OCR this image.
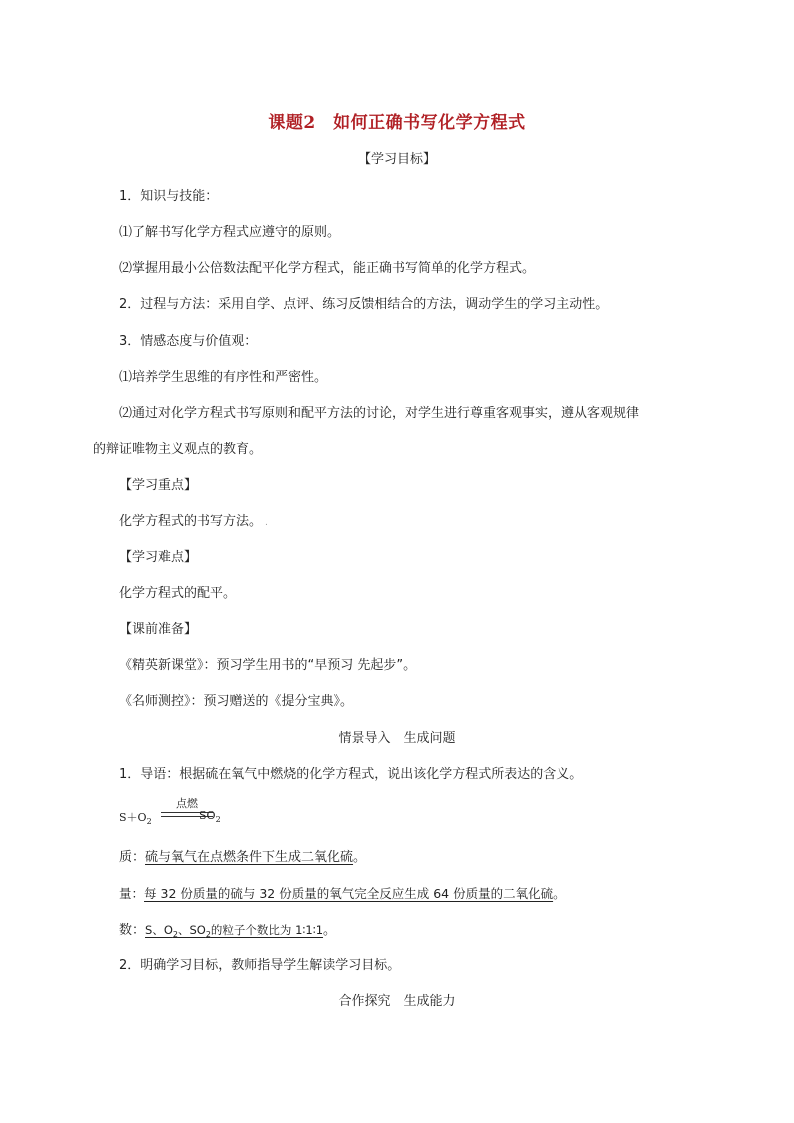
课题2　如何正确书写化学方程式
【学习目标】
1．知识与技能：
⑴了解书写化学方程式应遵守的原则。
⑵掌握用最小公倍数法配平化学方程式，能正确书写简单的化学方程式。
2．过程与方法：采用自学、点评、练习反馈相结合的方法，调动学生的学习主动性。
3．情感态度与价值观：
⑴培养学生思维的有序性和严密性。
⑵通过对化学方程式书写原则和配平方法的讨论，对学生进行尊重客观事实，遵从客观规律
的辩证唯物主义观点的教育。
【学习重点】
化学方程式的书写方法。 .
【学习难点】
化学方程式的配平。
【课前准备】
《精英新课堂》：预习学生用书的“早预习 先起步”。
《名师测控》：预习赠送的《提分宝典》。
情景导入　生成问题
1．导语：根据硫在氧气中燃烧的化学方程式，说出该化学方程式所表达的含义。
$S+O_2$
点燃
$SO_2$
质：硫与氧气在点燃条件下生成二氧化硫。
量：每 32 份质量的硫与 32 份质量的氧气完全反应生成 64 份质量的二氧化硫。
数：S、$O_2$、$SO_2$的粒子个数比为 1∶1∶1。
2．明确学习目标，教师指导学生解读学习目标。
合作探究　生成能力
